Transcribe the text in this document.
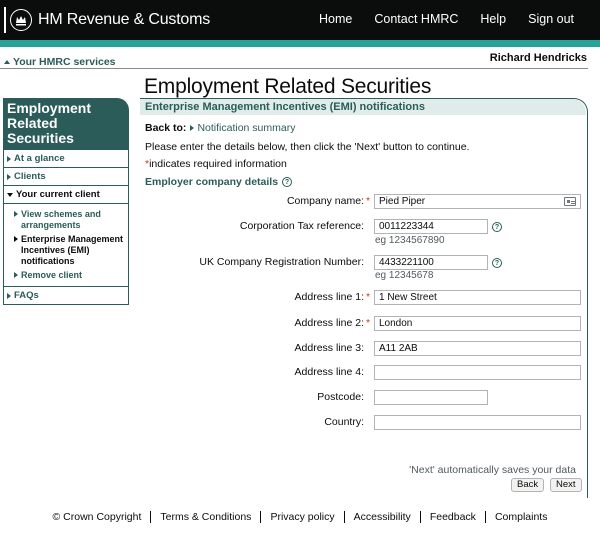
HM Revenue & Customs	Home Contact HMRC Help Sign out
Your HMRC services	Richard Hendricks
Employment Related Securities
Employment Related Securities
At a glance
Clients
Your current client
View schemes and arrangements
Enterprise Management Incentives (EMI) notifications
Remove client
FAQs
Enterprise Management Incentives (EMI) notifications
Back to: Notification summary
Please enter the details below, then click the 'Next' button to continue.
*indicates required information
Employer company details ?
Company name: *
Pied Piper
Corporation Tax reference:
0011223344	?
eg 1234567890
UK Company Registration Number:
4433221100	?
eg 12345678
Address line 1: *
1 New Street
Address line 2: *
London
Address line 3:
A11 2AB
Address line 4:
Postcode:
Country:
'Next' automatically saves your data
Back	Next
© Crown Copyright Terms & Conditions Privacy policy Accessibility Feedback Complaints
